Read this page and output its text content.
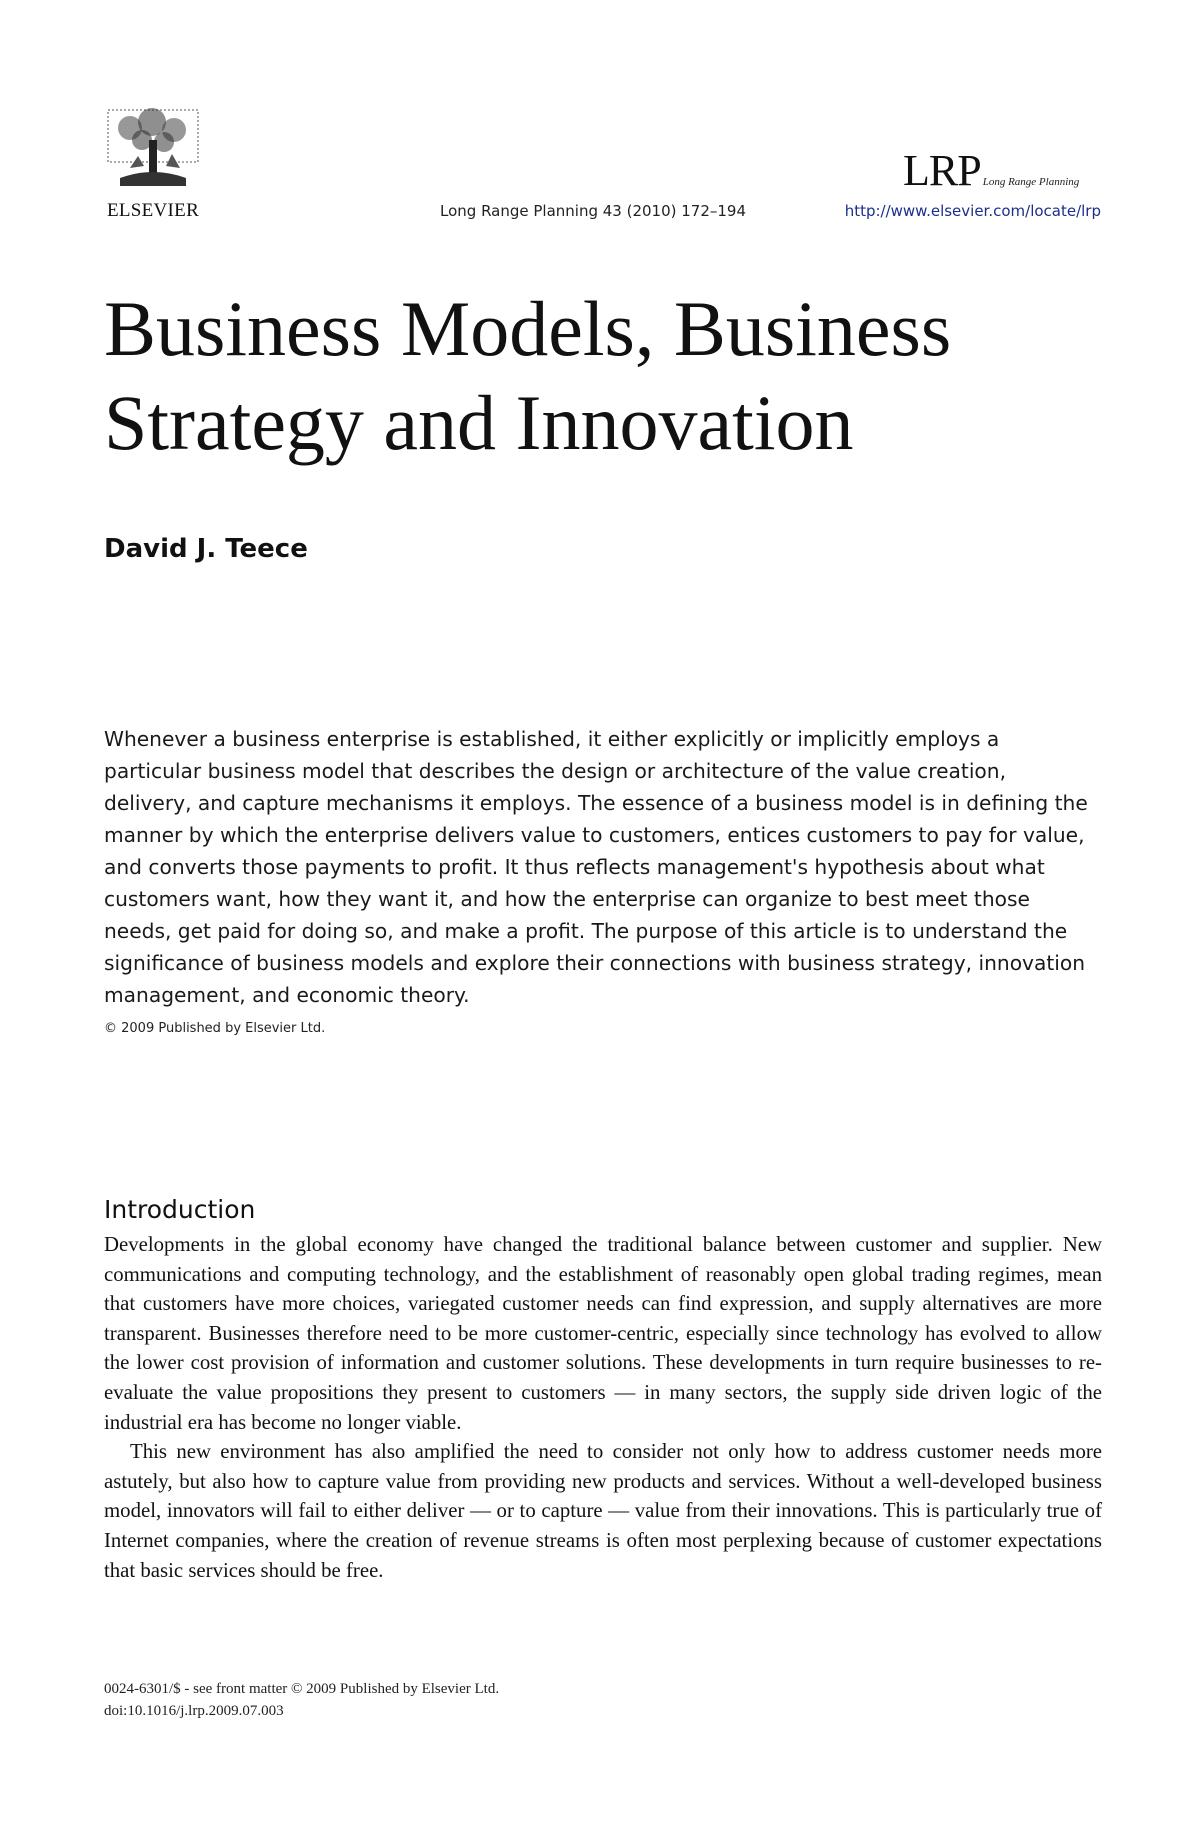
ELSEVIER	Long Range Planning 43 (2010) 172–194
LRP Long Range Planning
http://www.elsevier.com/locate/lrp
Business Models, Business
Strategy and Innovation
David J. Teece

Whenever a business enterprise is established, it either explicitly or implicitly employs a particular business model that describes the design or architecture of the value creation, delivery, and capture mechanisms it employs. The essence of a business model is in defining the manner by which the enterprise delivers value to customers, entices customers to pay for value, and converts those payments to profit. It thus reflects management's hypothesis about what customers want, how they want it, and how the enterprise can organize to best meet those needs, get paid for doing so, and make a profit. The purpose of this article is to understand the significance of business models and explore their connections with business strategy, innovation management, and economic theory.

© 2009 Published by Elsevier Ltd.
Introduction

Developments in the global economy have changed the traditional balance between customer and supplier. New communications and computing technology, and the establishment of reasonably open global trading regimes, mean that customers have more choices, variegated customer needs can find expression, and supply alternatives are more transparent. Businesses therefore need to be more customer-centric, especially since technology has evolved to allow the lower cost provision of information and customer solutions. These developments in turn require businesses to re-evaluate the value propositions they present to customers — in many sectors, the supply side driven logic of the industrial era has become no longer viable.

This new environment has also amplified the need to consider not only how to address customer needs more astutely, but also how to capture value from providing new products and services. Without a well-developed business model, innovators will fail to either deliver — or to capture — value from their innovations. This is particularly true of Internet companies, where the creation of revenue streams is often most perplexing because of customer expectations that basic services should be free.

0024-6301/$ - see front matter © 2009 Published by Elsevier Ltd.
doi:10.1016/j.lrp.2009.07.003
